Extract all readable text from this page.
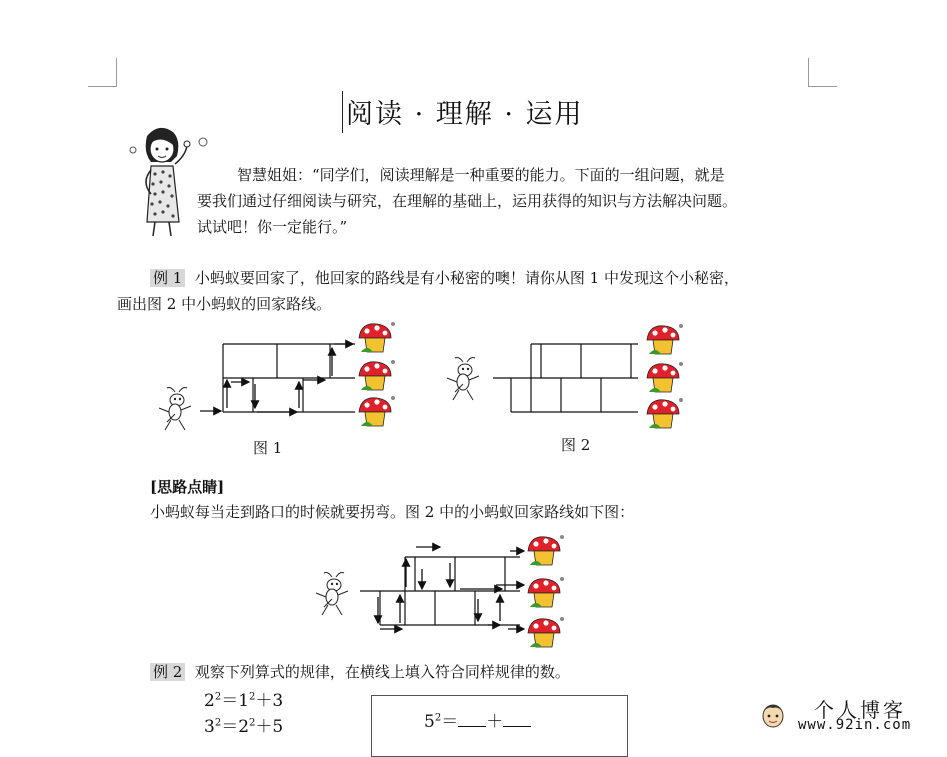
阅读 · 理解 · 运用
智慧姐姐：“同学们，阅读理解是一种重要的能力。下面的一组问题，就是
要我们通过仔细阅读与研究，在理解的基础上，运用获得的知识与方法解决问题。
试试吧！你一定能行。”
例 1 小蚂蚁要回家了，他回家的路线是有小秘密的噢！请你从图 1 中发现这个小秘密，
画出图 2 中小蚂蚁的回家路线。
图 1	图 2
[思路点睛]
小蚂蚁每当走到路口的时候就要拐弯。图 2 中的小蚂蚁回家路线如下图：
例 2 观察下列算式的规律，在横线上填入符合同样规律的数。
$2^2=1^2+3$
$3^2=2^2+5$	$5^2=$ ＋	个人博客
www.92in.com
